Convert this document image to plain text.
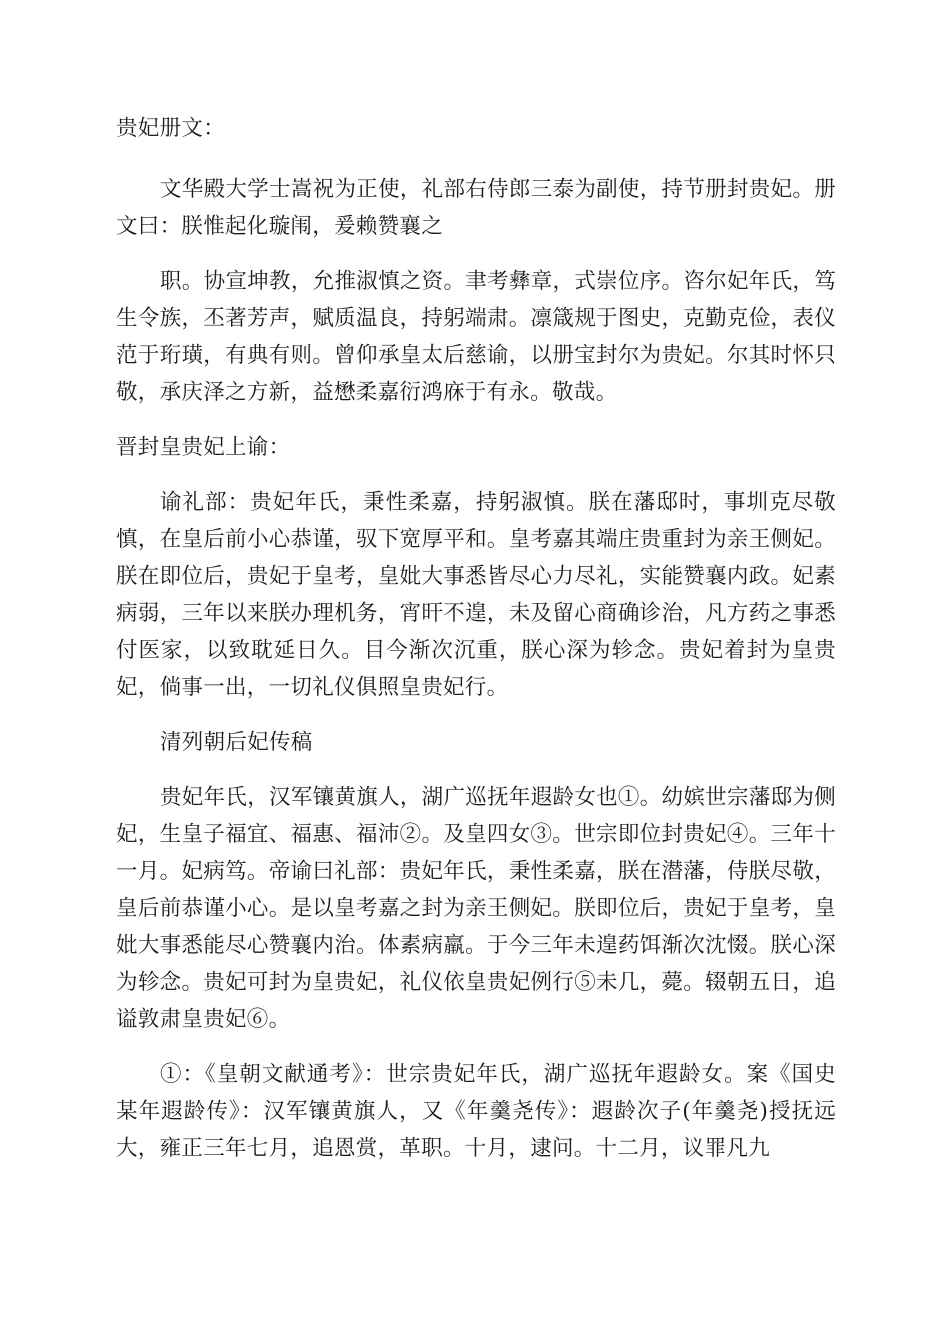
贵妃册文：

文华殿大学士嵩祝为正使，礼部右侍郎三泰为副使，持节册封贵妃。册文曰：朕惟起化璇闱，爰赖赞襄之

职。协宣坤教，允推淑慎之资。聿考彝章，式崇位序。咨尔妃年氏，笃生令族，丕著芳声，赋质温良，持躬端肃。凛箴规于图史，克勤克俭，表仪范于珩璜，有典有则。曾仰承皇太后慈谕，以册宝封尔为贵妃。尔其时怀只敬，承庆泽之方新，益懋柔嘉衍鸿庥于有永。敬哉。

晋封皇贵妃上谕：

谕礼部：贵妃年氏，秉性柔嘉，持躬淑慎。朕在藩邸时，事圳克尽敬慎，在皇后前小心恭谨，驭下宽厚平和。皇考嘉其端庄贵重封为亲王侧妃。朕在即位后，贵妃于皇考，皇妣大事悉皆尽心力尽礼，实能赞襄内政。妃素病弱，三年以来朕办理机务，宵旰不遑，未及留心商确诊治，凡方药之事悉付医家，以致耽延日久。目今渐次沉重，朕心深为轸念。贵妃着封为皇贵妃，倘事一出，一切礼仪俱照皇贵妃行。

清列朝后妃传稿

贵妃年氏，汉军镶黄旗人，湖广巡抚年遐龄女也①。幼嫔世宗藩邸为侧妃，生皇子福宜、福惠、福沛②。及皇四女③。世宗即位封贵妃④。三年十一月。妃病笃。帝谕曰礼部：贵妃年氏，秉性柔嘉，朕在潜藩，侍朕尽敬，皇后前恭谨小心。是以皇考嘉之封为亲王侧妃。朕即位后，贵妃于皇考，皇妣大事悉能尽心赞襄内治。体素病羸。于今三年未遑药饵渐次沈惙。朕心深为轸念。贵妃可封为皇贵妃，礼仪依皇贵妃例行⑤未几，薨。辍朝五日，追谥敦肃皇贵妃⑥。

①：《皇朝文献通考》：世宗贵妃年氏，湖广巡抚年遐龄女。案《国史某年遐龄传》：汉军镶黄旗人，又《年羹尧传》：遐龄次子(年羹尧)授抚远大，雍正三年七月，追恩赏，革职。十月，逮问。十二月，议罪凡九
